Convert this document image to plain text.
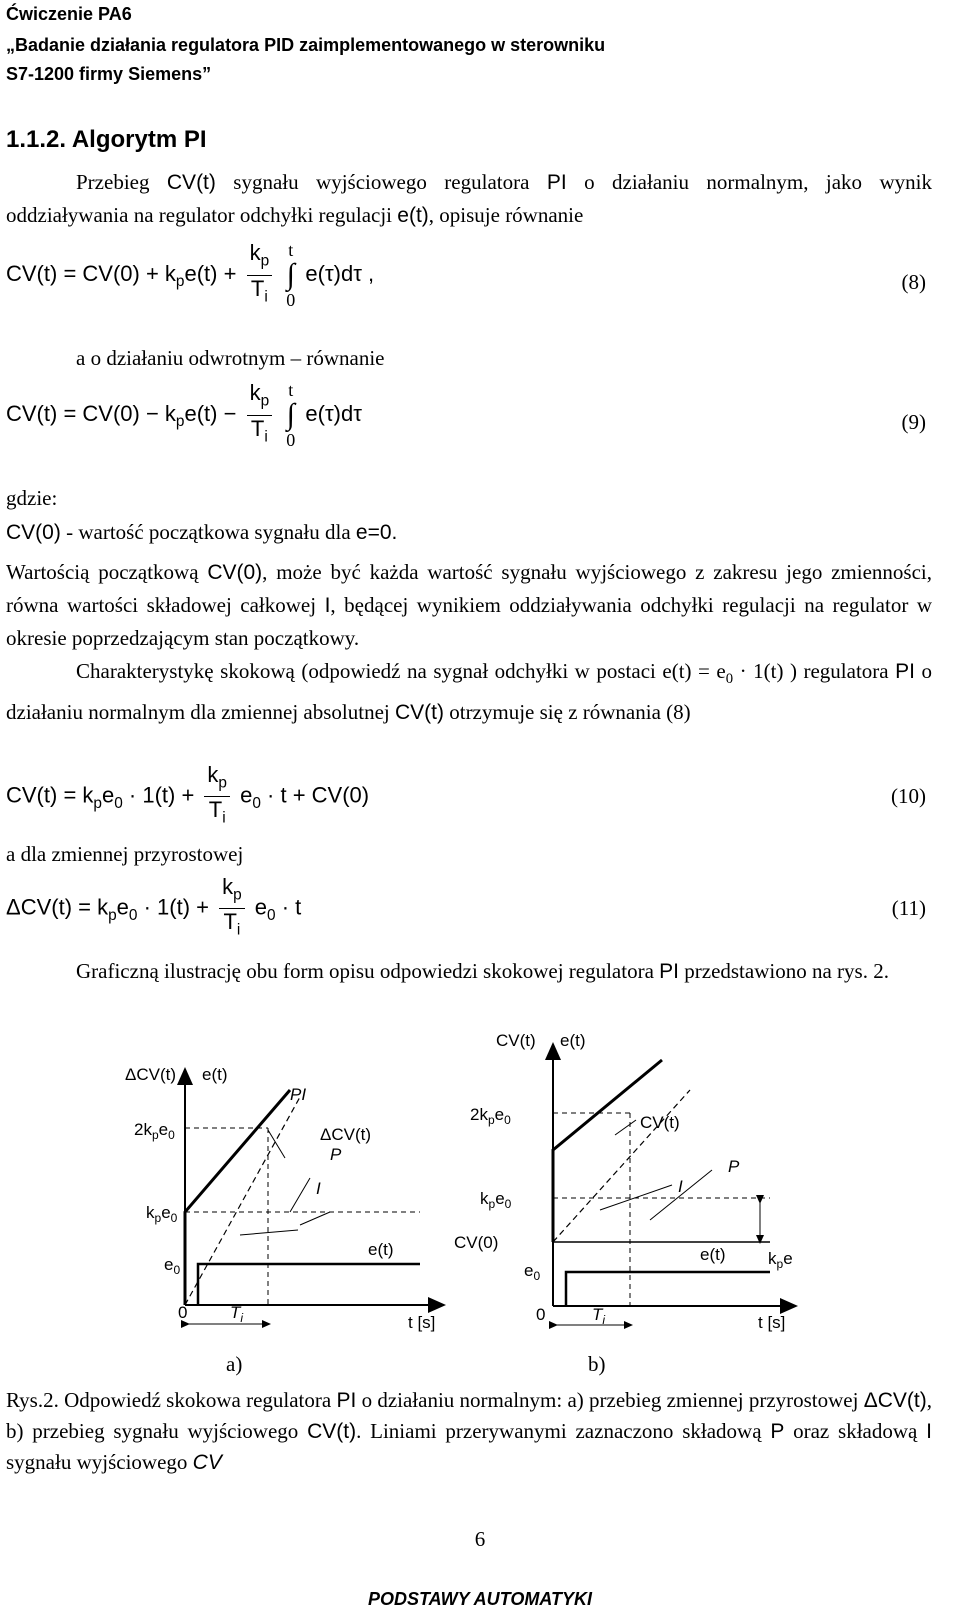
Ćwiczenie PA6
„Badanie działania regulatora PID zaimplementowanego w sterowniku
S7-1200 firmy Siemens”
1.1.2. Algorytm PI
Przebieg CV(t) sygnału wyjściowego regulatora PI o działaniu normalnym, jako wynik oddziaływania na regulator odchyłki regulacji e(t), opisuje równanie
$CV(t) = CV(0) + k_pe(t) + \frac{k_p}{T_i}$
t
∫
0
e(τ)dτ ,	(8)
a o działaniu odwrotnym – równanie
$CV(t) = CV(0) - k_pe(t) - \frac{k_p}{T_i}$
t
∫
0
e(τ)dτ	(9)
gdzie:
CV(0) - wartość początkowa sygnału dla e=0.
Wartością początkową CV(0), może być każda wartość sygnału wyjściowego z zakresu jego zmienności, równa wartości składowej całkowej I, będącej wynikiem oddziaływania odchyłki regulacji na regulator w okresie poprzedzającym stan początkowy.
Charakterystykę skokową (odpowiedź na sygnał odchyłki w postaci $e(t) = e_0 \cdot 1(t)$ ) regulatora PI o działaniu normalnym dla zmiennej absolutnej CV(t) otrzymuje się z równania (8)
$CV(t) = k_pe_0 \cdot 1(t) + \frac{k_p}{T_i} e_0 \cdot t + CV(0)$	(10)
a dla zmiennej przyrostowej
$\Delta CV(t) = k_pe_0 \cdot 1(t) + \frac{k_p}{T_i} e_0 \cdot t$	(11)
Graficzną ilustrację obu form opisu odpowiedzi skokowej regulatora PI przedstawiono na rys. 2.
ΔCV(t) e(t)
PI
ΔCV(t)
P
I
$2k_pe_0$
$k_pe_0$
$e_0$
e(t)
0	$T_i$	t [s]
a)
CV(t) e(t)
CV(t)
P
I
$2k_pe_0$
$k_pe_0$
CV(0)
$e_0$
e(t)	$k_pe$
0	$T_i$	t [s]
b)
Rys.2. Odpowiedź skokowa regulatora PI o działaniu normalnym: a) przebieg zmiennej przyrostowej ΔCV(t), b) przebieg sygnału wyjściowego CV(t). Liniami przerywanymi zaznaczono składową P oraz składową I sygnału wyjściowego CV
6
PODSTAWY AUTOMATYKI
